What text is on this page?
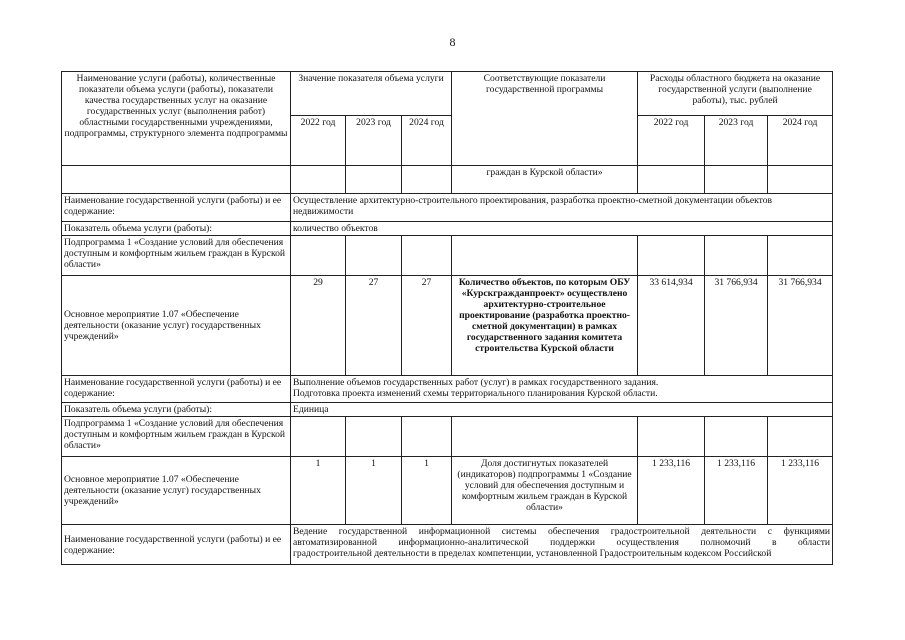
8
Наименование услуги (работы), количественные показатели объема услуги (работы), показатели качества государственных услуг на оказание государственных услуг (выполнения работ) областными государственными учреждениями, подпрограммы, структурного элемента подпрограммы	Значение показателя объема услуги			Соответствующие показатели государственной программы	Расходы областного бюджета на оказание государственной услуги (выполнение работы), тыс. рублей		
	2022 год	2023 год	2024 год		2022 год	2023 год	2024 год
				граждан в Курской области»			
Наименование государственной услуги (работы) и ее содержание:	Осуществление архитектурно-строительного проектирования, разработка проектно-сметной документации объектов недвижимости						
Показатель объема услуги (работы):	количество объектов						
Подпрограмма 1 «Создание условий для обеспечения доступным и комфортным жильем граждан в Курской области»							
Основное мероприятие 1.07 «Обеспечение деятельности (оказание услуг) государственных учреждений»	29	27	27	Количество объектов, по которым ОБУ «Курскгражданпроект» осуществлено архитектурно-строительное проектирование (разработка проектно-сметной документации) в рамках государственного задания комитета строительства Курской области	33 614,934	31 766,934	31 766,934
Наименование государственной услуги (работы) и ее содержание:	Выполнение объемов государственных работ (услуг) в рамках государственного задания.
Подготовка проекта изменений схемы территориального планирования Курской области.						

Показатель объема услуги (работы):	Единица						
Подпрограмма 1 «Создание условий для обеспечения доступным и комфортным жильем граждан в Курской области»							
Основное мероприятие 1.07 «Обеспечение деятельности (оказание услуг) государственных учреждений»	1	1	1	Доля достигнутых показателей (индикаторов) подпрограммы 1 «Создание условий для обеспечения доступным и комфортным жильем граждан в Курской области»	1 233,116	1 233,116	1 233,116
Наименование государственной услуги (работы) и ее содержание:	Ведение государственной информационной системы обеспечения градостроительной деятельности с функциями
автоматизированной информационно-аналитической поддержки осуществления полномочий в области
градостроительной деятельности в пределах компетенции, установленной Градостроительным кодексом Российской						
